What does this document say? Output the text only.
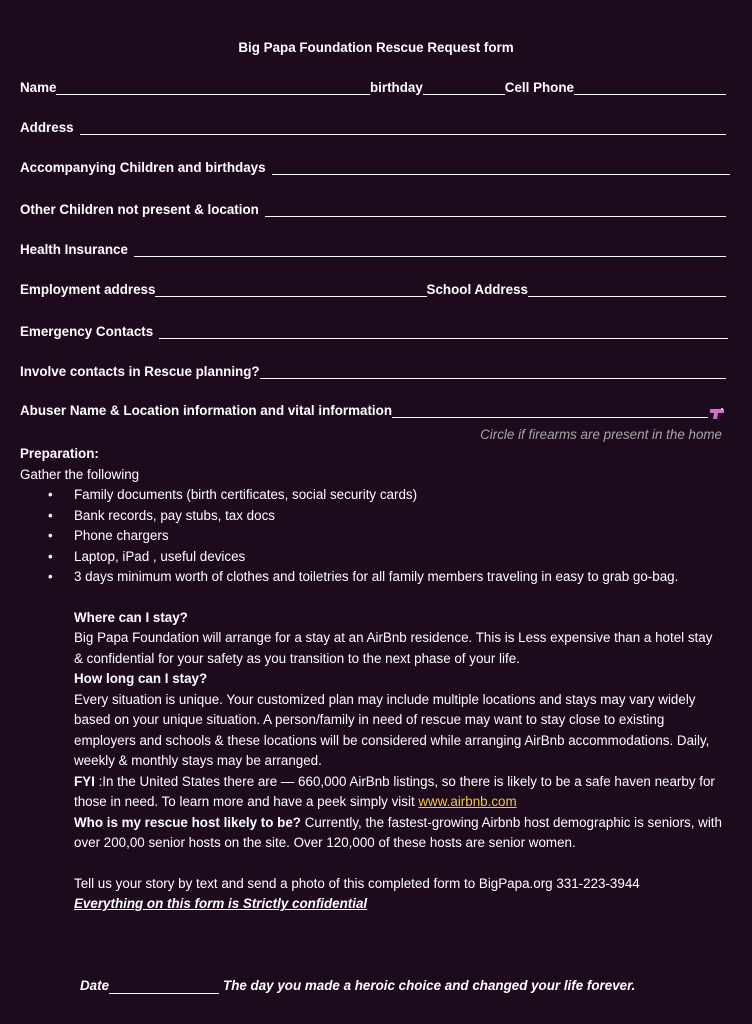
Big Papa Foundation Rescue Request form
Name	birthday	Cell Phone
Address
Accompanying Children and birthdays
Other Children not present & location
Health Insurance
Employment address	School Address
Emergency Contacts
Involve contacts in Rescue planning?
Abuser Name & Location information and vital information
Circle if firearms are present in the home
Preparation:
Gather the following
• Family documents (birth certificates, social security cards)
• Bank records, pay stubs, tax docs
• Phone chargers
• Laptop, iPad , useful devices
• 3 days minimum worth of clothes and toiletries for all family members traveling in easy to grab go-bag.
Where can I stay?
Big Papa Foundation will arrange for a stay at an AirBnb residence. This is Less expensive than a hotel stay & confidential for your safety as you transition to the next phase of your life.
How long can I stay?
Every situation is unique. Your customized plan may include multiple locations and stays may vary widely based on your unique situation. A person/family in need of rescue may want to stay close to existing employers and schools & these locations will be considered while arranging AirBnb accommodations. Daily, weekly & monthly stays may be arranged.
FYI :In the United States there are — 660,000 AirBnb listings, so there is likely to be a safe haven nearby for those in need. To learn more and have a peek simply visit www.airbnb.com
Who is my rescue host likely to be? Currently, the fastest-growing Airbnb host demographic is seniors, with over 200,00 senior hosts on the site. Over 120,000 of these hosts are senior women.
Tell us your story by text and send a photo of this completed form to BigPapa.org 331-223-3944
Everything on this form is Strictly confidential
Date	The day you made a heroic choice and changed your life forever.
